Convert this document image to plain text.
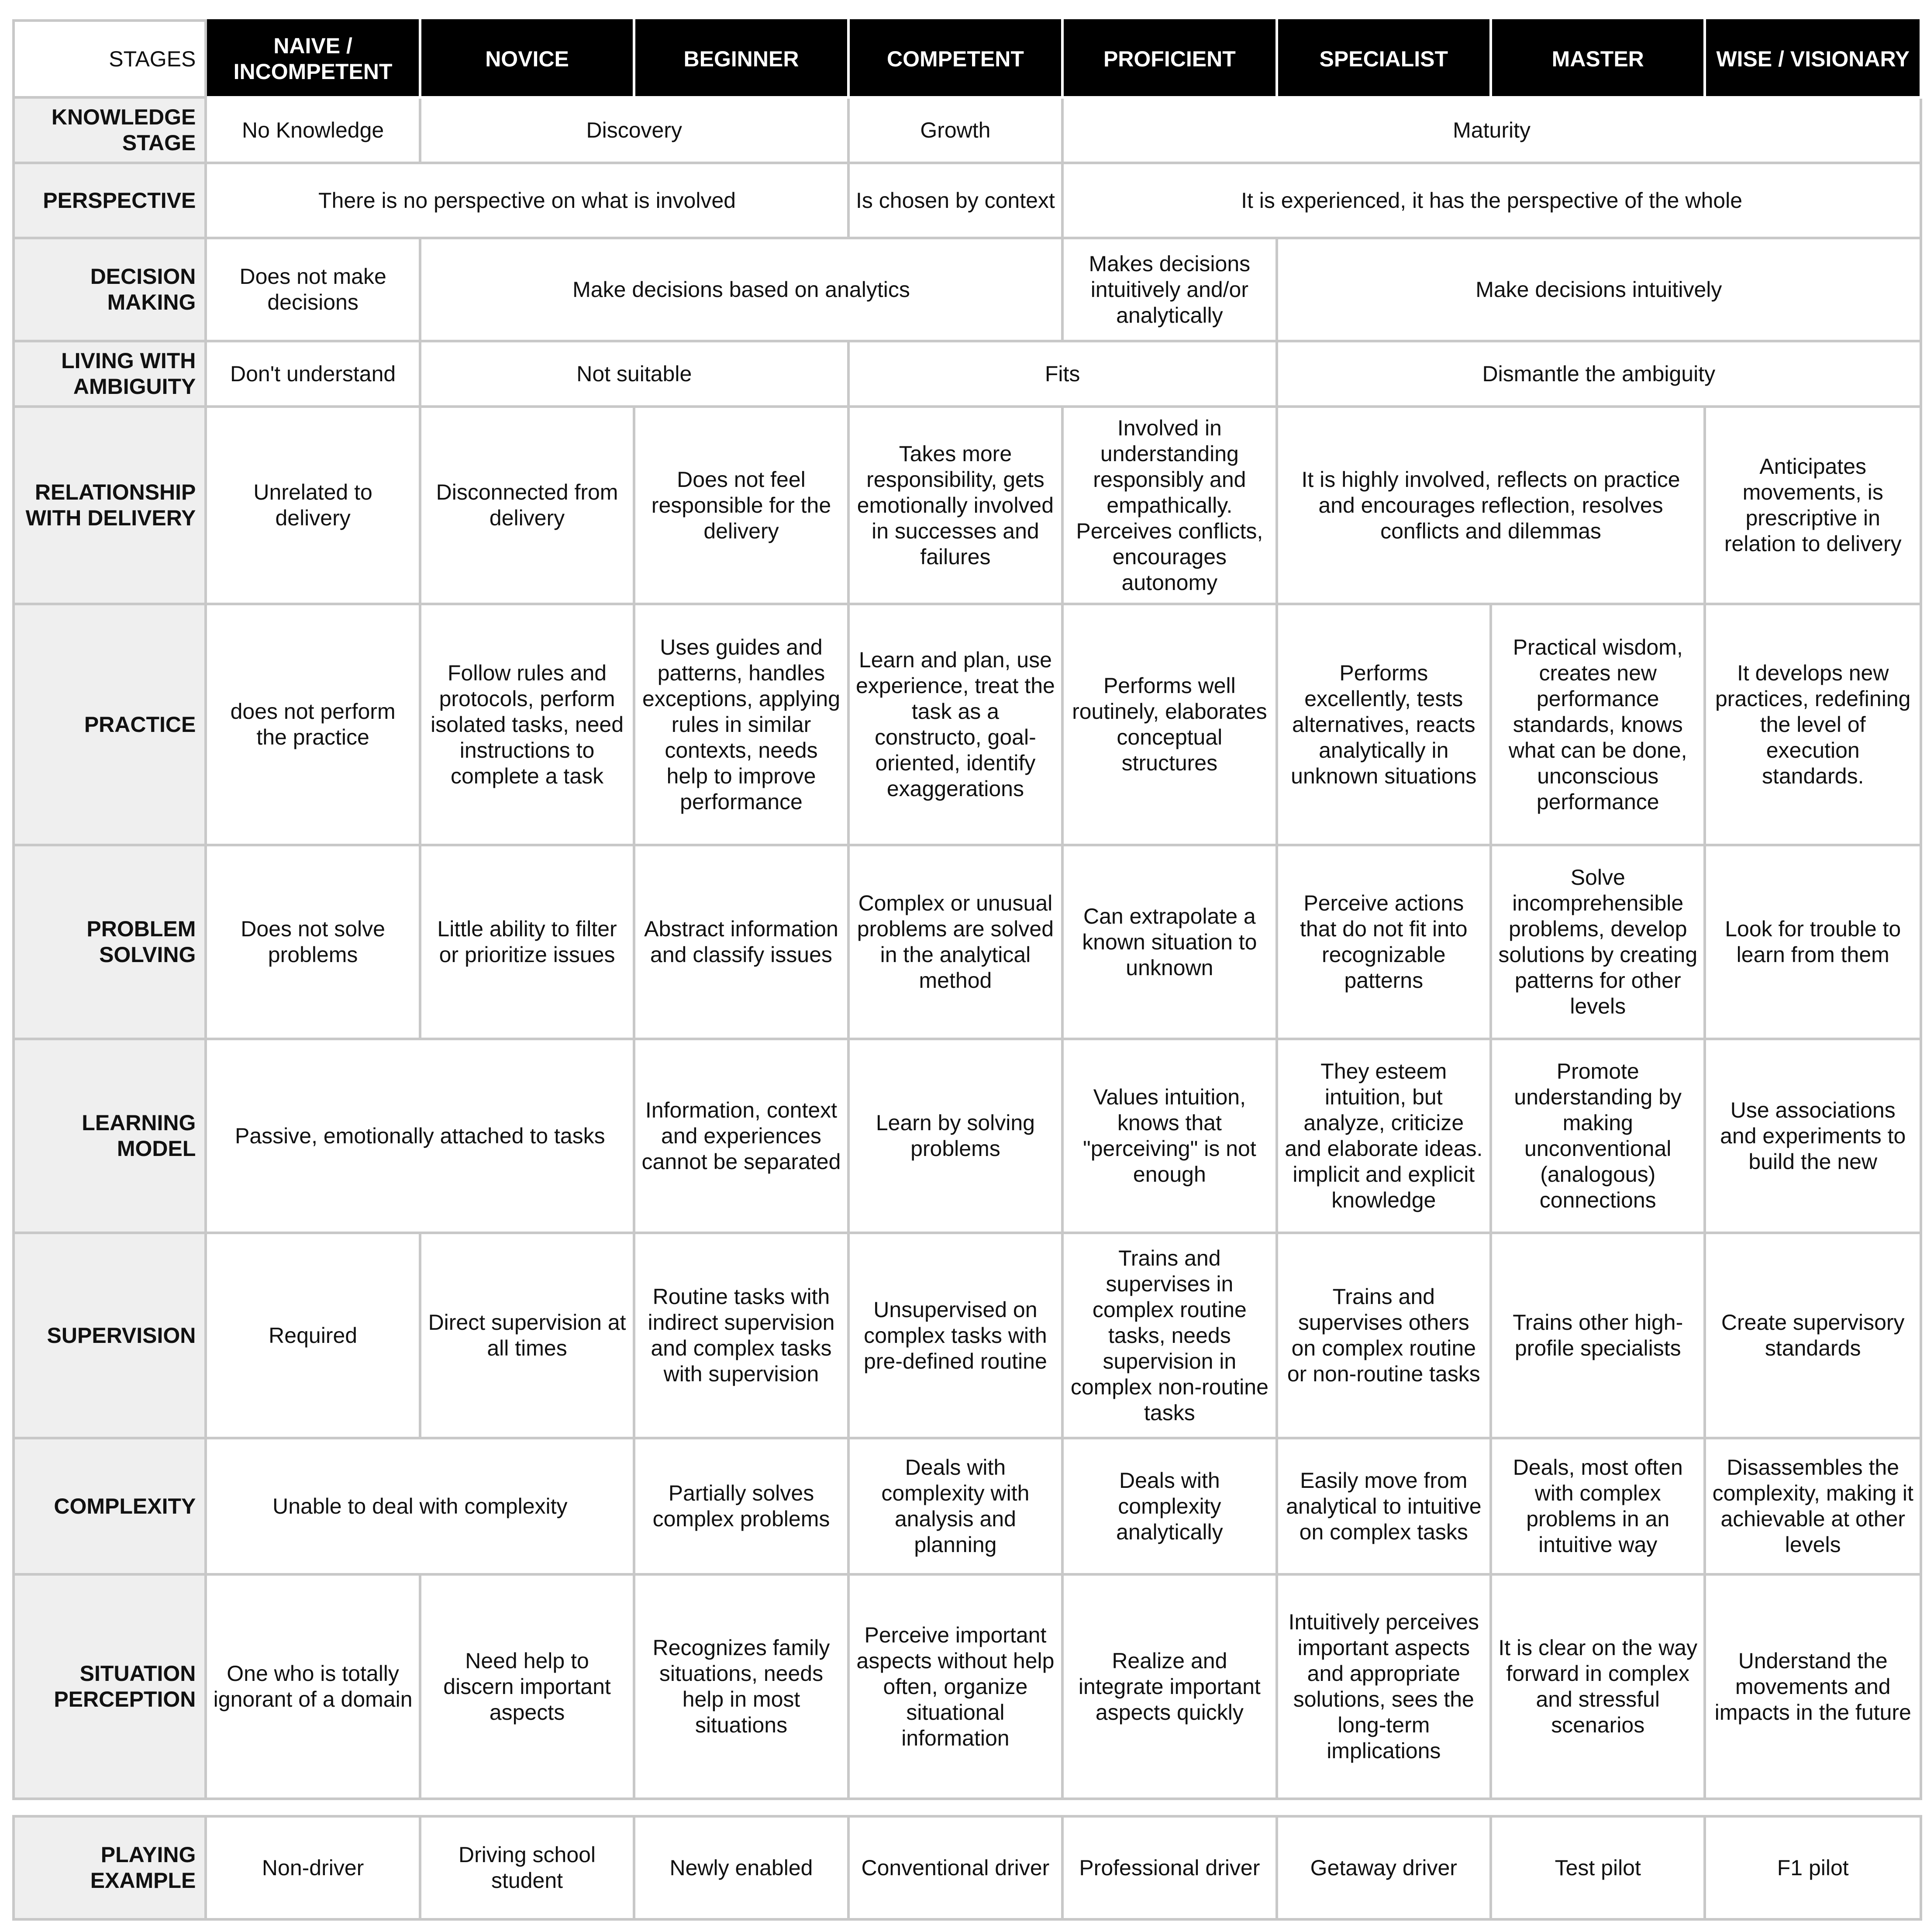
STAGES	NAIVE / INCOMPETENT	NOVICE	BEGINNER	COMPETENT	PROFICIENT	SPECIALIST	MASTER	WISE / VISIONARY
KNOWLEDGE STAGE	No Knowledge	Discovery		Growth	Maturity			
PERSPECTIVE	There is no perspective on what is involved			Is chosen by context	It is experienced, it has the perspective of the whole			
DECISION MAKING	Does not make decisions	Make decisions based on analytics			Makes decisions intuitively and/or analytically	Make decisions intuitively		
LIVING WITH AMBIGUITY	Don't understand	Not suitable		Fits		Dismantle the ambiguity		
RELATIONSHIP WITH DELIVERY	Unrelated to delivery	Disconnected from delivery	Does not feel responsible for the delivery	Takes more responsibility, gets emotionally involved in successes and failures	Involved in understanding responsibly and empathically. Perceives conflicts, encourages autonomy	It is highly involved, reflects on practice and encourages reflection, resolves conflicts and dilemmas		Anticipates movements, is prescriptive in relation to delivery
PRACTICE	does not perform the practice	Follow rules and protocols, perform isolated tasks, need instructions to complete a task	Uses guides and patterns, handles exceptions, applying rules in similar contexts, needs help to improve performance	Learn and plan, use experience, treat the task as a constructo, goal-oriented, identify exaggerations	Performs well routinely, elaborates conceptual structures	Performs excellently, tests alternatives, reacts analytically in unknown situations	Practical wisdom, creates new performance standards, knows what can be done, unconscious performance	It develops new practices, redefining the level of execution standards.
PROBLEM SOLVING	Does not solve problems	Little ability to filter or prioritize issues	Abstract information and classify issues	Complex or unusual problems are solved in the analytical method	Can extrapolate a known situation to unknown	Perceive actions that do not fit into recognizable patterns	Solve incomprehensible problems, develop solutions by creating patterns for other levels	Look for trouble to learn from them
LEARNING MODEL	Passive, emotionally attached to tasks		Information, context and experiences cannot be separated	Learn by solving problems	Values intuition, knows that "perceiving" is not enough	They esteem intuition, but analyze, criticize and elaborate ideas. implicit and explicit knowledge	Promote understanding by making unconventional (analogous) connections	Use associations and experiments to build the new
SUPERVISION	Required	Direct supervision at all times	Routine tasks with indirect supervision and complex tasks with supervision	Unsupervised on complex tasks with pre-defined routine	Trains and supervises in complex routine tasks, needs supervision in complex non-routine tasks	Trains and supervises others on complex routine or non-routine tasks	Trains other high-profile specialists	Create supervisory standards
COMPLEXITY	Unable to deal with complexity		Partially solves complex problems	Deals with complexity with analysis and planning	Deals with complexity analytically	Easily move from analytical to intuitive on complex tasks	Deals, most often with complex problems in an intuitive way	Disassembles the complexity, making it achievable at other levels
SITUATION PERCEPTION	One who is totally ignorant of a domain	Need help to discern important aspects	Recognizes family situations, needs help in most situations	Perceive important aspects without help often, organize situational information	Realize and integrate important aspects quickly	Intuitively perceives important aspects and appropriate solutions, sees the long-term implications	It is clear on the way forward in complex and stressful scenarios	Understand the movements and impacts in the future
PLAYING EXAMPLE	Non-driver	Driving school student	Newly enabled	Conventional driver	Professional driver	Getaway driver	Test pilot	F1 pilot
